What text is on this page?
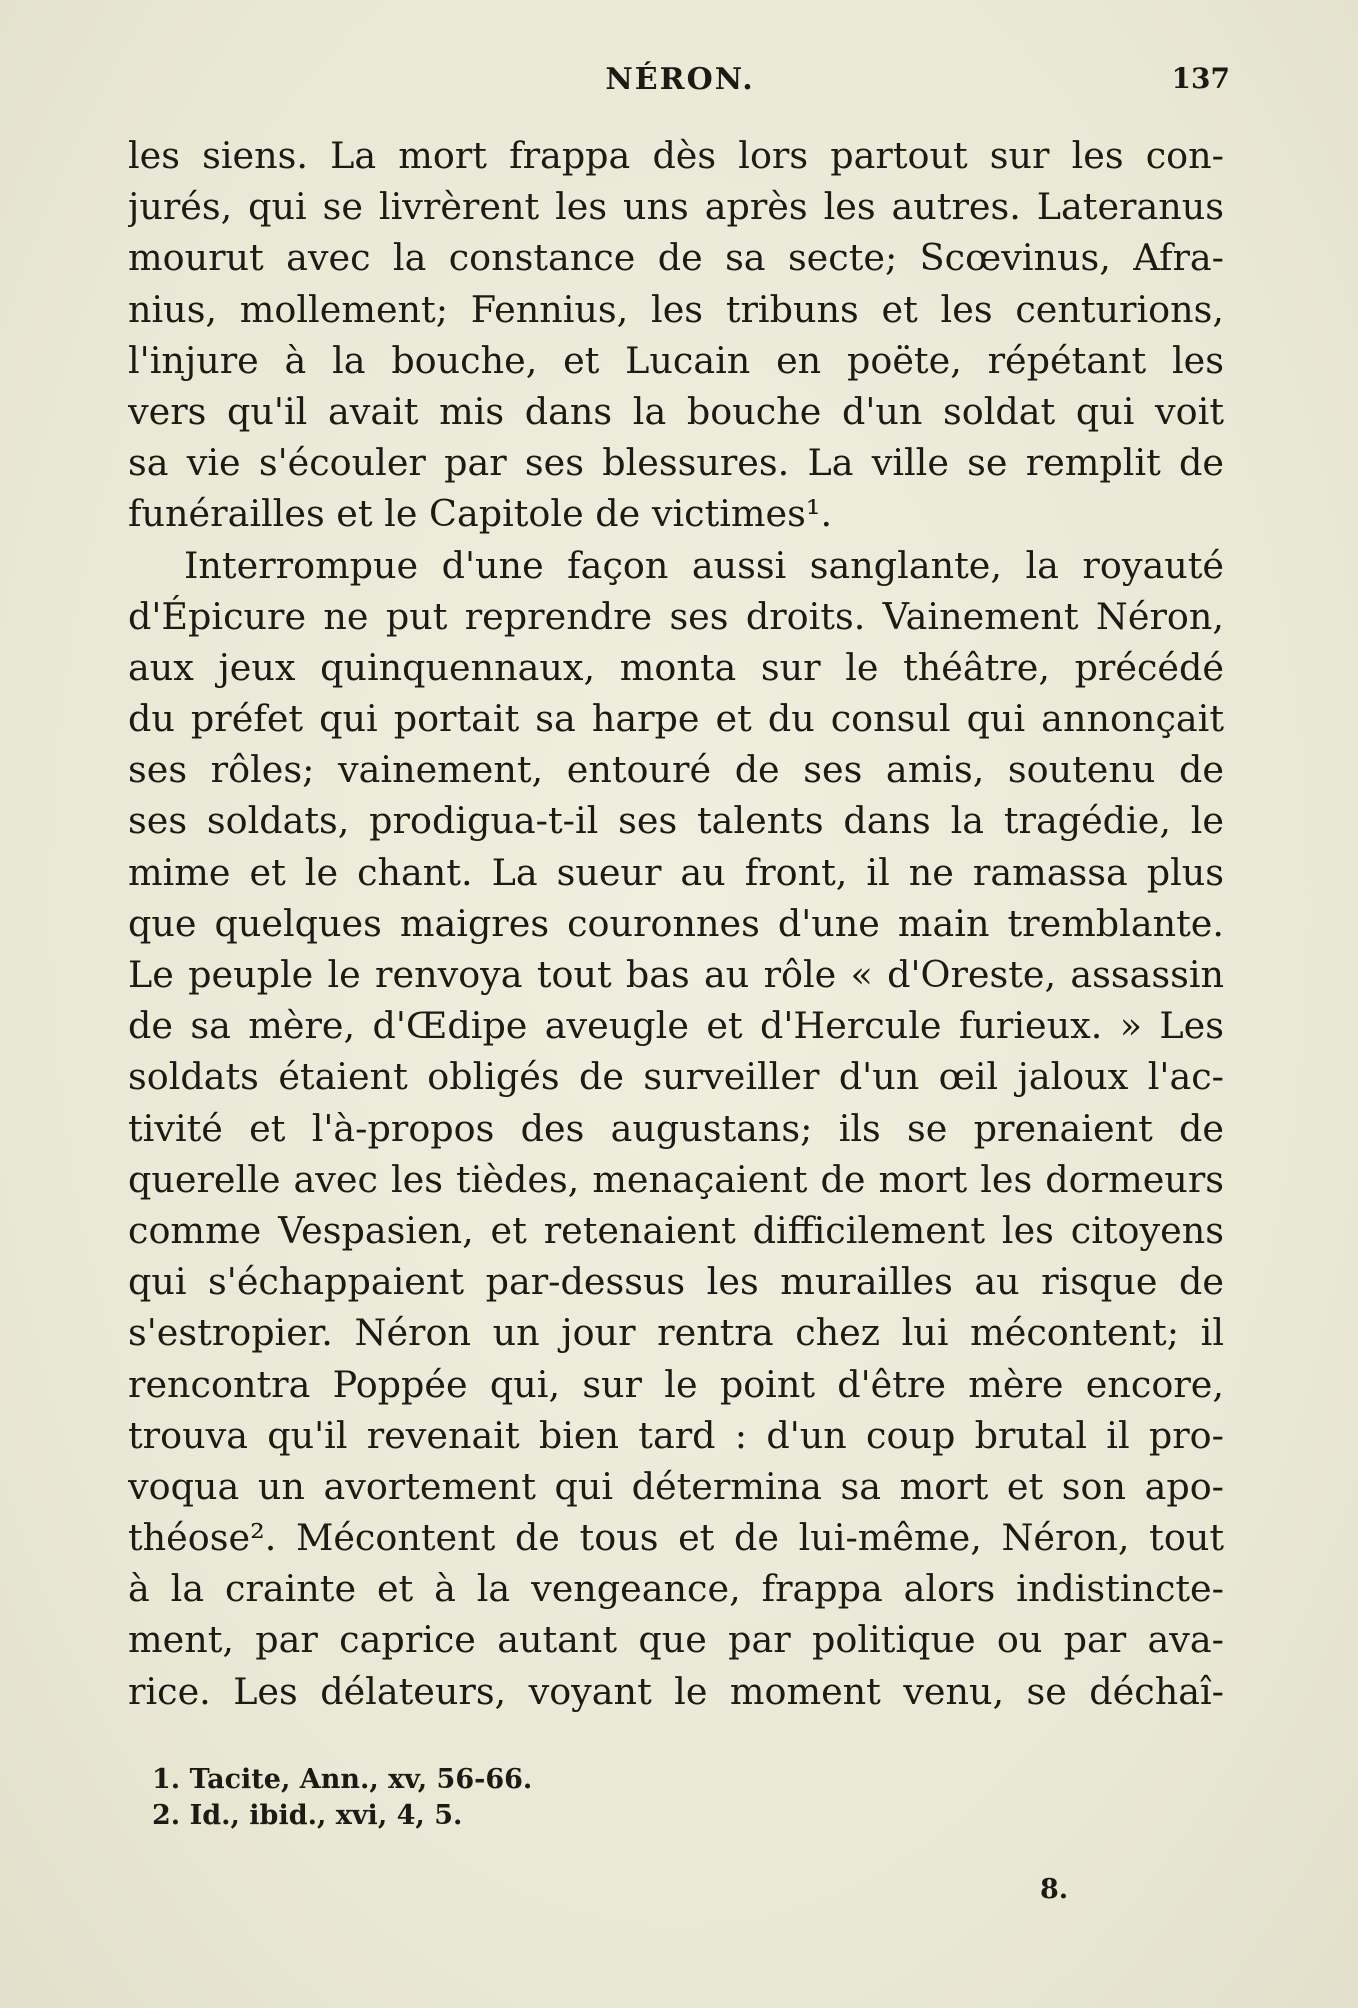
NÉRON.	137
les siens. La mort frappa dès lors partout sur les con-
jurés, qui se livrèrent les uns après les autres. Lateranus
mourut avec la constance de sa secte; Scœvinus, Afra-
nius, mollement; Fennius, les tribuns et les centurions,
l'injure à la bouche, et Lucain en poëte, répétant les
vers qu'il avait mis dans la bouche d'un soldat qui voit
sa vie s'écouler par ses blessures. La ville se remplit de
funérailles et le Capitole de victimes¹.
Interrompue d'une façon aussi sanglante, la royauté
d'Épicure ne put reprendre ses droits. Vainement Néron,
aux jeux quinquennaux, monta sur le théâtre, précédé
du préfet qui portait sa harpe et du consul qui annonçait
ses rôles; vainement, entouré de ses amis, soutenu de
ses soldats, prodigua-t-il ses talents dans la tragédie, le
mime et le chant. La sueur au front, il ne ramassa plus
que quelques maigres couronnes d'une main tremblante.
Le peuple le renvoya tout bas au rôle « d'Oreste, assassin
de sa mère, d'Œdipe aveugle et d'Hercule furieux. » Les
soldats étaient obligés de surveiller d'un œil jaloux l'ac-
tivité et l'à-propos des augustans; ils se prenaient de
querelle avec les tièdes, menaçaient de mort les dormeurs
comme Vespasien, et retenaient difficilement les citoyens
qui s'échappaient par-dessus les murailles au risque de
s'estropier. Néron un jour rentra chez lui mécontent; il
rencontra Poppée qui, sur le point d'être mère encore,
trouva qu'il revenait bien tard : d'un coup brutal il pro-
voqua un avortement qui détermina sa mort et son apo-
théose². Mécontent de tous et de lui-même, Néron, tout
à la crainte et à la vengeance, frappa alors indistincte-
ment, par caprice autant que par politique ou par ava-
rice. Les délateurs, voyant le moment venu, se déchaî-
1. Tacite, Ann., xv, 56-66.
2. Id., ibid., xvi, 4, 5.
8.
